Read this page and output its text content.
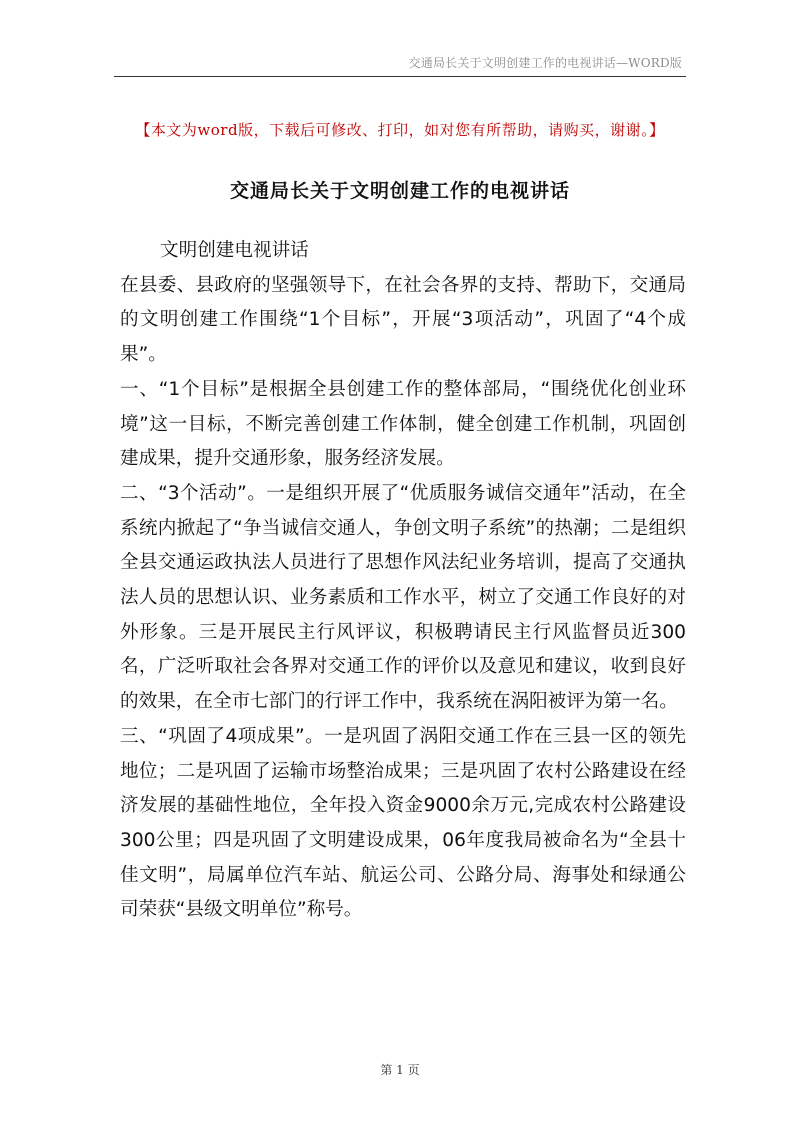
交通局长关于文明创建工作的电视讲话—WORD版
【本文为word版，下载后可修改、打印，如对您有所帮助，请购买，谢谢。】
交通局长关于文明创建工作的电视讲话

文明创建电视讲话

在县委、县政府的坚强领导下，在社会各界的支持、帮助下，交通局的文明创建工作围绕“1个目标”，开展“3项活动”，巩固了“4个成果”。

一、“1个目标”是根据全县创建工作的整体部局，“围绕优化创业环境”这一目标，不断完善创建工作体制，健全创建工作机制，巩固创建成果，提升交通形象，服务经济发展。

二、“3个活动”。一是组织开展了“优质服务诚信交通年”活动，在全系统内掀起了“争当诚信交通人，争创文明子系统”的热潮；二是组织全县交通运政执法人员进行了思想作风法纪业务培训，提高了交通执法人员的思想认识、业务素质和工作水平，树立了交通工作良好的对外形象。三是开展民主行风评议，积极聘请民主行风监督员近300名，广泛听取社会各界对交通工作的评价以及意见和建议，收到良好的效果，在全市七部门的行评工作中，我系统在涡阳被评为第一名。

三、“巩固了4项成果”。一是巩固了涡阳交通工作在三县一区的领先地位；二是巩固了运输市场整治成果；三是巩固了农村公路建设在经济发展的基础性地位，全年投入资金9000余万元,完成农村公路建设300公里；四是巩固了文明建设成果，06年度我局被命名为“全县十佳文明”，局属单位汽车站、航运公司、公路分局、海事处和绿通公司荣获“县级文明单位”称号。

第 1 页
